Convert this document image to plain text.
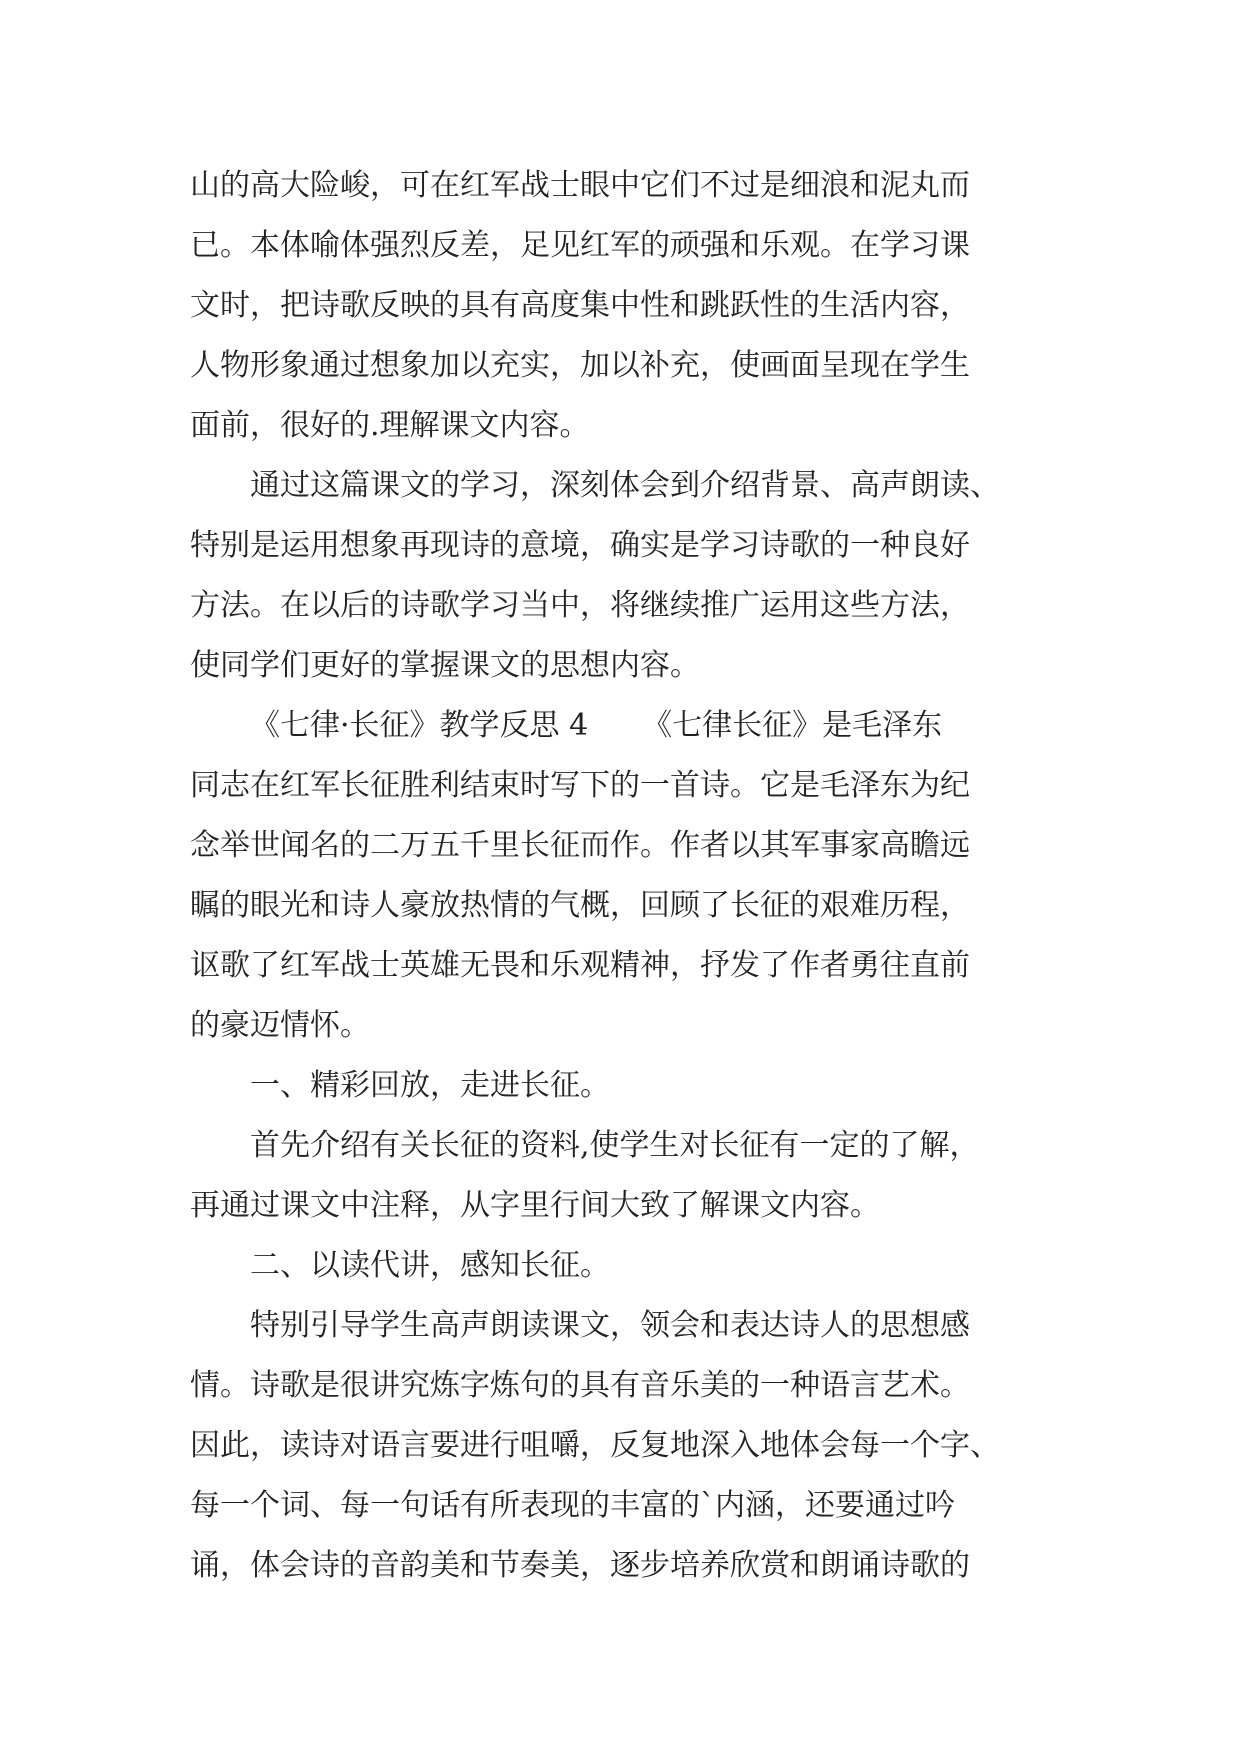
山的高大险峻，可在红军战士眼中它们不过是细浪和泥丸而
已。本体喻体强烈反差，足见红军的顽强和乐观。在学习课
文时，把诗歌反映的具有高度集中性和跳跃性的生活内容，
人物形象通过想象加以充实，加以补充，使画面呈现在学生
面前，很好的.理解课文内容。
通过这篇课文的学习，深刻体会到介绍背景、高声朗读、
特别是运用想象再现诗的意境，确实是学习诗歌的一种良好
方法。在以后的诗歌学习当中，将继续推广运用这些方法，
使同学们更好的掌握课文的思想内容。
《七律·长征》教学反思 4 《七律长征》是毛泽东
同志在红军长征胜利结束时写下的一首诗。它是毛泽东为纪
念举世闻名的二万五千里长征而作。作者以其军事家高瞻远
瞩的眼光和诗人豪放热情的气概，回顾了长征的艰难历程，
讴歌了红军战士英雄无畏和乐观精神，抒发了作者勇往直前
的豪迈情怀。
一、精彩回放，走进长征。
首先介绍有关长征的资料,使学生对长征有一定的了解，
再通过课文中注释，从字里行间大致了解课文内容。
二、以读代讲，感知长征。
特别引导学生高声朗读课文，领会和表达诗人的思想感
情。诗歌是很讲究炼字炼句的具有音乐美的一种语言艺术。
因此，读诗对语言要进行咀嚼，反复地深入地体会每一个字、
每一个词、每一句话有所表现的丰富的`内涵，还要通过吟
诵，体会诗的音韵美和节奏美，逐步培养欣赏和朗诵诗歌的
